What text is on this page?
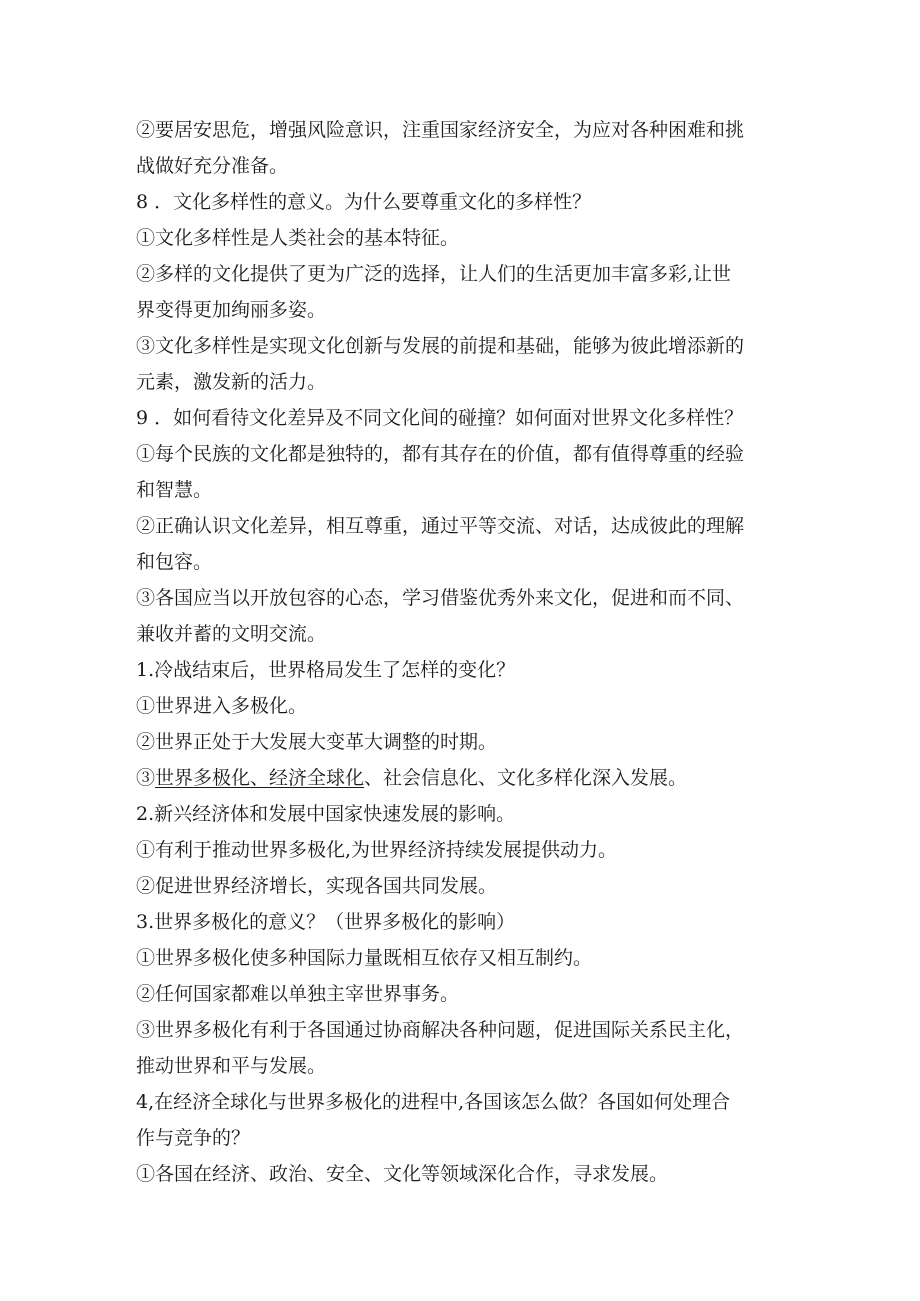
②要居安思危，增强风险意识，注重国家经济安全，为应对各种困难和挑
战做好充分准备。
8 ．文化多样性的意义。为什么要尊重文化的多样性？
①文化多样性是人类社会的基本特征。
②多样的文化提供了更为广泛的选择，让人们的生活更加丰富多彩,让世
界变得更加绚丽多姿。
③文化多样性是实现文化创新与发展的前提和基础，能够为彼此增添新的
元素，激发新的活力。
9 ．如何看待文化差异及不同文化间的碰撞？如何面对世界文化多样性？
①每个民族的文化都是独特的，都有其存在的价值，都有值得尊重的经验
和智慧。
②正确认识文化差异，相互尊重，通过平等交流、对话，达成彼此的理解
和包容。
③各国应当以开放包容的心态，学习借鉴优秀外来文化，促进和而不同、
兼收并蓄的文明交流。
1.冷战结束后，世界格局发生了怎样的变化？
①世界进入多极化。
②世界正处于大发展大变革大调整的时期。
③世界多极化、经济全球化、社会信息化、文化多样化深入发展。
2.新兴经济体和发展中国家快速发展的影响。
①有利于推动世界多极化,为世界经济持续发展提供动力。
②促进世界经济增长，实现各国共同发展。
3.世界多极化的意义？（世界多极化的影响）
①世界多极化使多种国际力量既相互依存又相互制约。
②任何国家都难以单独主宰世界事务。
③世界多极化有利于各国通过协商解决各种问题，促进国际关系民主化，
推动世界和平与发展。
4,在经济全球化与世界多极化的进程中,各国该怎么做？各国如何处理合
作与竞争的？
①各国在经济、政治、安全、文化等领域深化合作，寻求发展。
